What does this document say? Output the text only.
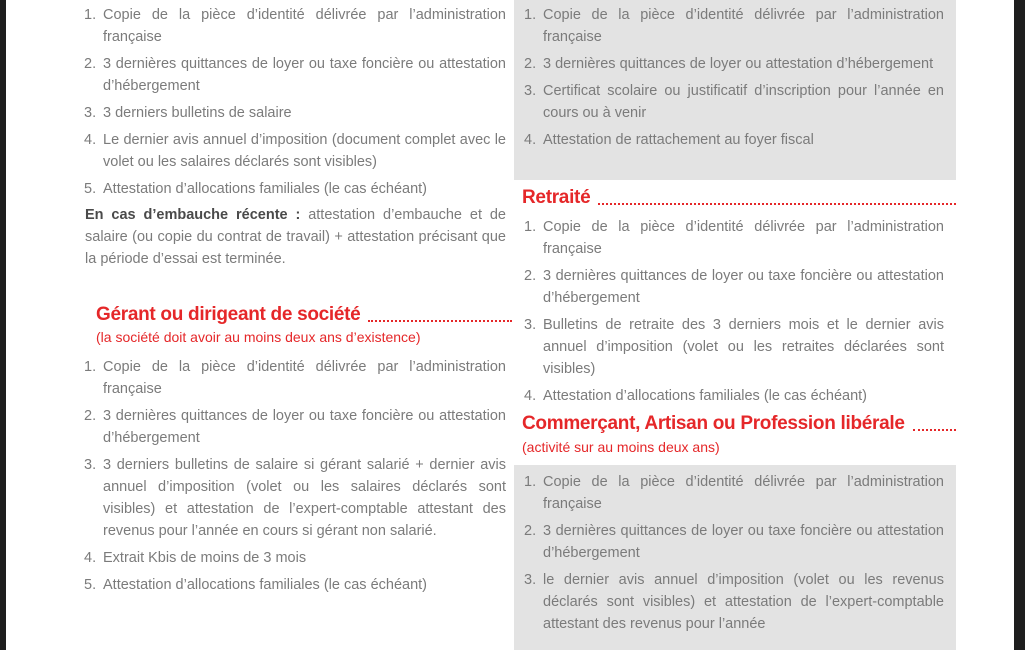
1. Copie de la pièce d’identité délivrée par l’administration française
2. 3 dernières quittances de loyer ou taxe foncière ou attestation d’hébergement
3. 3 derniers bulletins de salaire
4. Le dernier avis annuel d’imposition (document complet avec le volet ou les salaires déclarés sont visibles)
5. Attestation d’allocations familiales (le cas échéant)

En cas d’embauche récente : attestation d’embauche et de salaire (ou copie du contrat de travail) + attestation précisant que la période d’essai est terminée.

Gérant ou dirigeant de société
(la société doit avoir au moins deux ans d’existence)
1. Copie de la pièce d’identité délivrée par l’administration française
2. 3 dernières quittances de loyer ou taxe foncière ou attestation d’hébergement
3. 3 derniers bulletins de salaire si gérant salarié + dernier avis annuel d’imposition (volet ou les salaires déclarés sont visibles) et attestation de l’expert-comptable attestant des revenus pour l’année en cours si gérant non salarié.
4. Extrait Kbis de moins de 3 mois
5. Attestation d’allocations familiales (le cas échéant)
1. Copie de la pièce d’identité délivrée par l’administration française
2. 3 dernières quittances de loyer ou attestation d’hébergement
3. Certificat scolaire ou justificatif d’inscription pour l’année en cours ou à venir
4. Attestation de rattachement au foyer fiscal
Retraité
1. Copie de la pièce d’identité délivrée par l’administration française
2. 3 dernières quittances de loyer ou taxe foncière ou attestation d’hébergement
3. Bulletins de retraite des 3 derniers mois et le dernier avis annuel d’imposition (volet ou les retraites déclarées sont visibles)
4. Attestation d’allocations familiales (le cas échéant)
Commerçant, Artisan ou Profession libérale
(activité sur au moins deux ans)
1. Copie de la pièce d’identité délivrée par l’administration française
2. 3 dernières quittances de loyer ou taxe foncière ou attestation d’hébergement
3. le dernier avis annuel d’imposition (volet ou les revenus déclarés sont visibles) et attestation de l’expert-comptable attestant des revenus pour l’année
